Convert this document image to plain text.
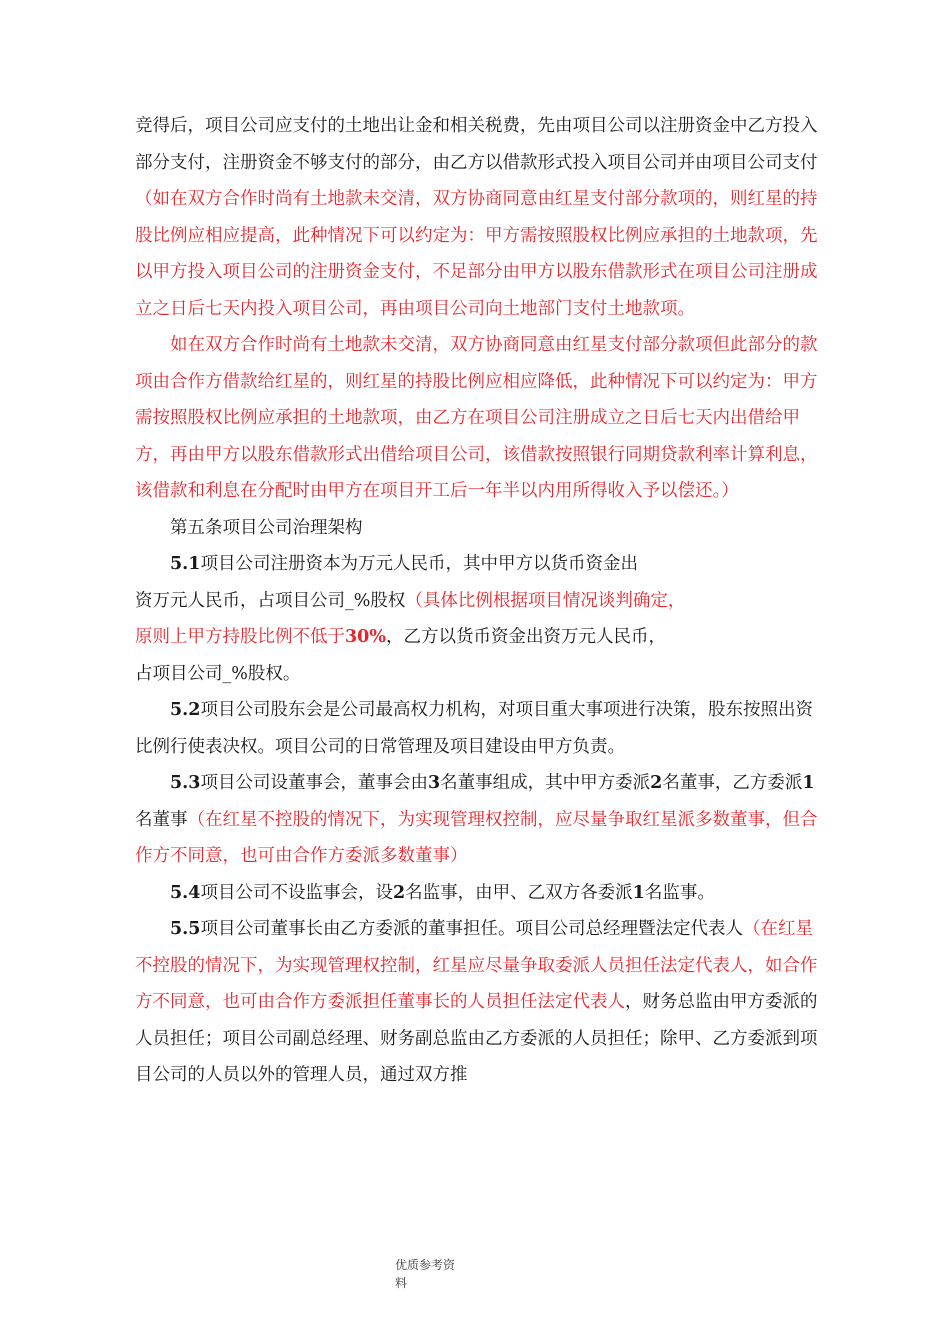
竞得后，项目公司应支付的土地出让金和相关税费，先由项目公司以注册资金中乙方投入部分支付，注册资金不够支付的部分，由乙方以借款形式投入项目公司并由项目公司支付（如在双方合作时尚有土地款未交清，双方协商同意由红星支付部分款项的，则红星的持股比例应相应提高，此种情况下可以约定为：甲方需按照股权比例应承担的土地款项，先以甲方投入项目公司的注册资金支付，不足部分由甲方以股东借款形式在项目公司注册成立之日后七天内投入项目公司，再由项目公司向土地部门支付土地款项。

如在双方合作时尚有土地款未交清，双方协商同意由红星支付部分款项但此部分的款项由合作方借款给红星的，则红星的持股比例应相应降低，此种情况下可以约定为：甲方需按照股权比例应承担的土地款项，由乙方在项目公司注册成立之日后七天内出借给甲方，再由甲方以股东借款形式出借给项目公司，该借款按照银行同期贷款利率计算利息，该借款和利息在分配时由甲方在项目开工后一年半以内用所得收入予以偿还。）

第五条项目公司治理架构

5.1项目公司注册资本为万元人民币，其中甲方以货币资金出

资万元人民币，占项目公司_%股权（具体比例根据项目情况谈判确定，

原则上甲方持股比例不低于30%，乙方以货币资金出资万元人民币，

占项目公司_%股权。

5.2项目公司股东会是公司最高权力机构，对项目重大事项进行决策，股东按照出资比例行使表决权。项目公司的日常管理及项目建设由甲方负责。

5.3项目公司设董事会，董事会由3名董事组成，其中甲方委派2名董事，乙方委派1名董事（在红星不控股的情况下，为实现管理权控制，应尽量争取红星派多数董事，但合作方不同意，也可由合作方委派多数董事）

5.4项目公司不设监事会，设2名监事，由甲、乙双方各委派1名监事。

5.5项目公司董事长由乙方委派的董事担任。项目公司总经理暨法定代表人（在红星不控股的情况下，为实现管理权控制，红星应尽量争取委派人员担任法定代表人，如合作方不同意，也可由合作方委派担任董事长的人员担任法定代表人，财务总监由甲方委派的人员担任；项目公司副总经理、财务副总监由乙方委派的人员担任；除甲、乙方委派到项目公司的人员以外的管理人员，通过双方推

优质参考资
料
